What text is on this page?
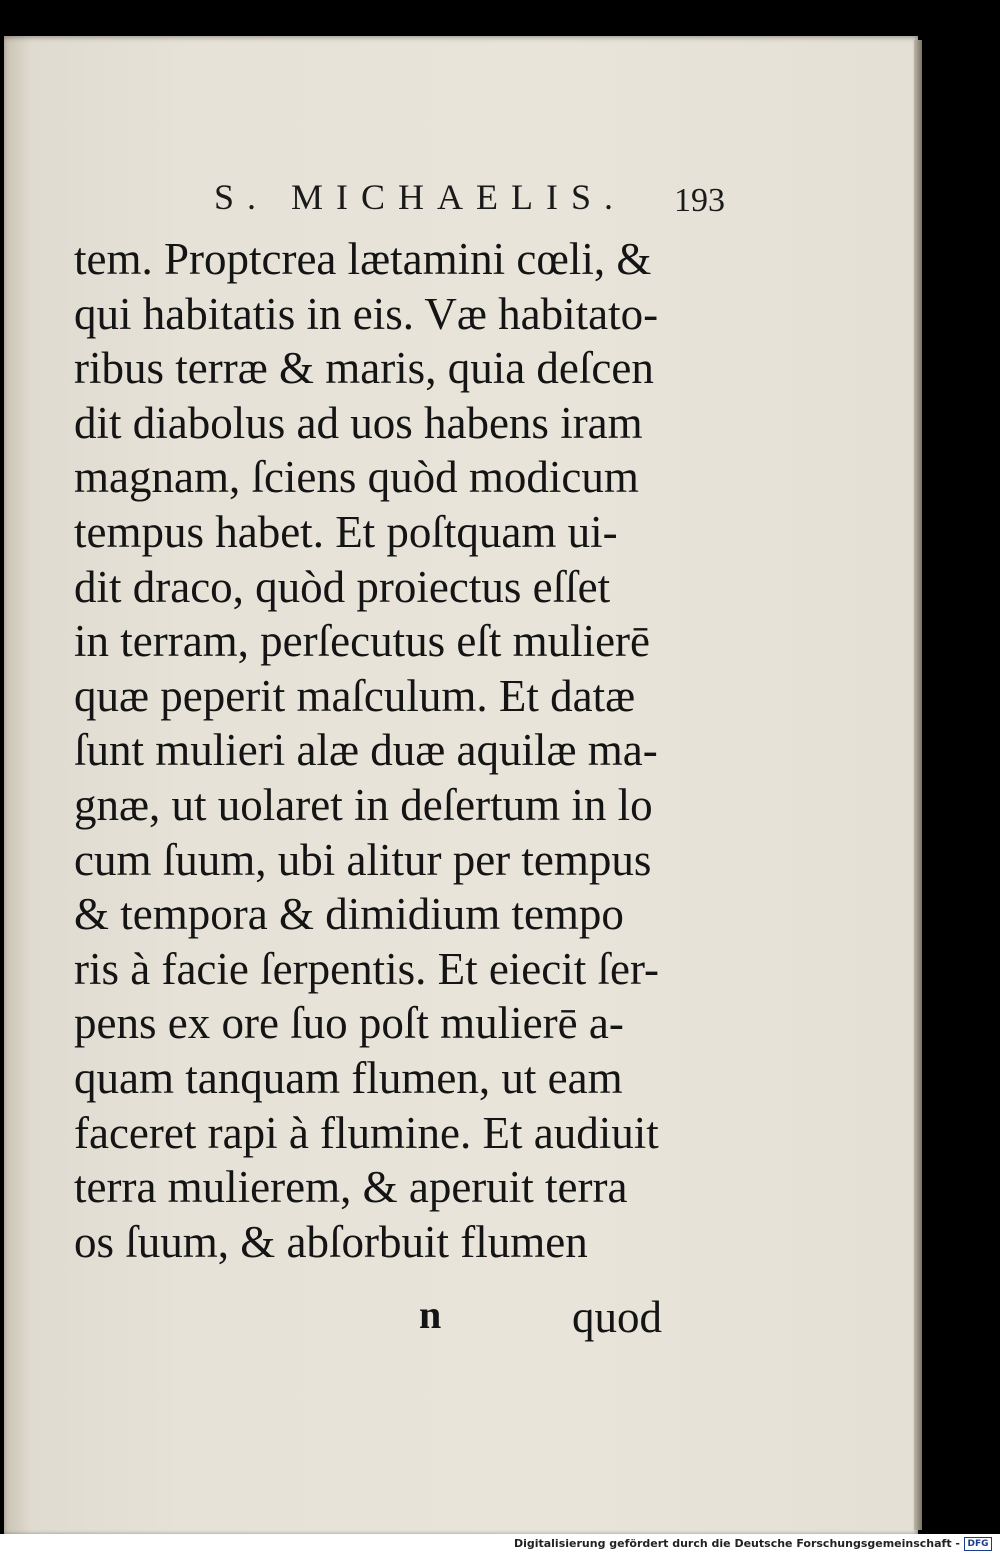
S. MICHAELIS. 193
tem. Proptcrea lætamini cœli, &
qui habitatis in eis. Væ habitato-
ribus terræ & maris, quia deſcen
dit diabolus ad uos habens iram
magnam, ſciens quòd modicum
tempus habet. Et poſtquam ui-
dit draco, quòd proiectus eſſet
in terram, perſecutus eſt mulierē
quæ peperit maſculum. Et datæ
ſunt mulieri alæ duæ aquilæ ma-
gnæ, ut uolaret in deſertum in lo
cum ſuum, ubi alitur per tempus
& tempora & dimidium tempo
ris à facie ſerpentis. Et eiecit ſer-
pens ex ore ſuo poſt mulierē a-
quam tanquam flumen, ut eam
faceret rapi à flumine. Et audiuit
terra mulierem, & aperuit terra
os ſuum, & abſorbuit flumen
n	quod
Digitalisierung gefördert durch die Deutsche Forschungsgemeinschaft - DFG
